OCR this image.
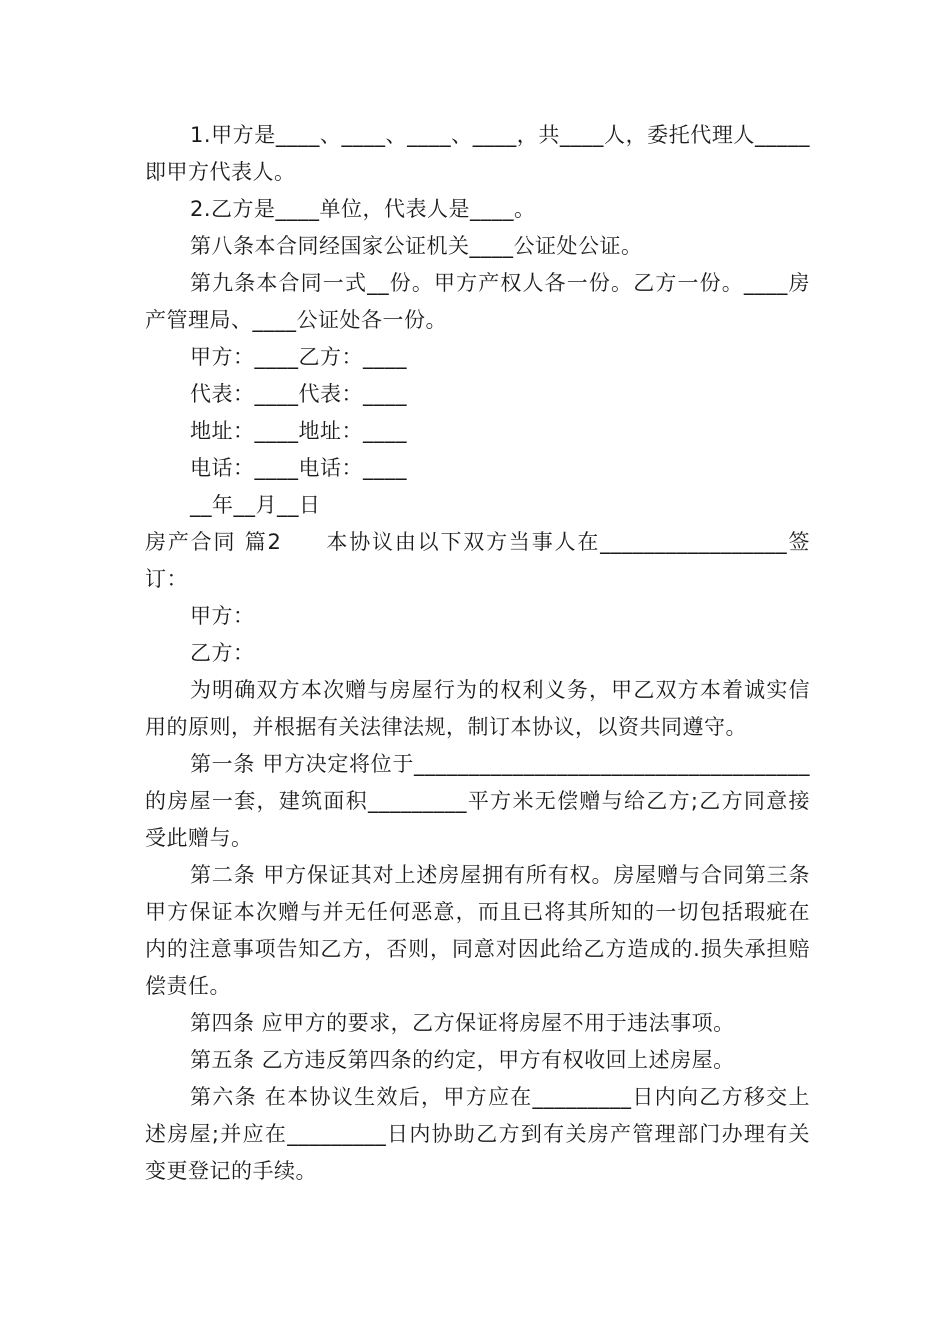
1.甲方是____、____、____、____，共____人，委托代理人_____即甲方代表人。

2.乙方是____单位，代表人是____。

第八条本合同经国家公证机关____公证处公证。

第九条本合同一式__份。甲方产权人各一份。乙方一份。____房产管理局、____公证处各一份。

甲方：____乙方：____

代表：____代表：____

地址：____地址：____

电话：____电话：____

__年__月__日

房产合同 篇2	本协议由以下双方当事人在_________________签订：

甲方：

乙方：

为明确双方本次赠与房屋行为的权利义务，甲乙双方本着诚实信用的原则，并根据有关法律法规，制订本协议，以资共同遵守。

第一条 甲方决定将位于____________________________________的房屋一套，建筑面积_________平方米无偿赠与给乙方;乙方同意接受此赠与。

第二条 甲方保证其对上述房屋拥有所有权。房屋赠与合同第三条 甲方保证本次赠与并无任何恶意，而且已将其所知的一切包括瑕疵在内的注意事项告知乙方，否则，同意对因此给乙方造成的.损失承担赔偿责任。

第四条 应甲方的要求，乙方保证将房屋不用于违法事项。

第五条 乙方违反第四条的约定，甲方有权收回上述房屋。

第六条 在本协议生效后，甲方应在_________日内向乙方移交上述房屋;并应在_________日内协助乙方到有关房产管理部门办理有关变更登记的手续。
